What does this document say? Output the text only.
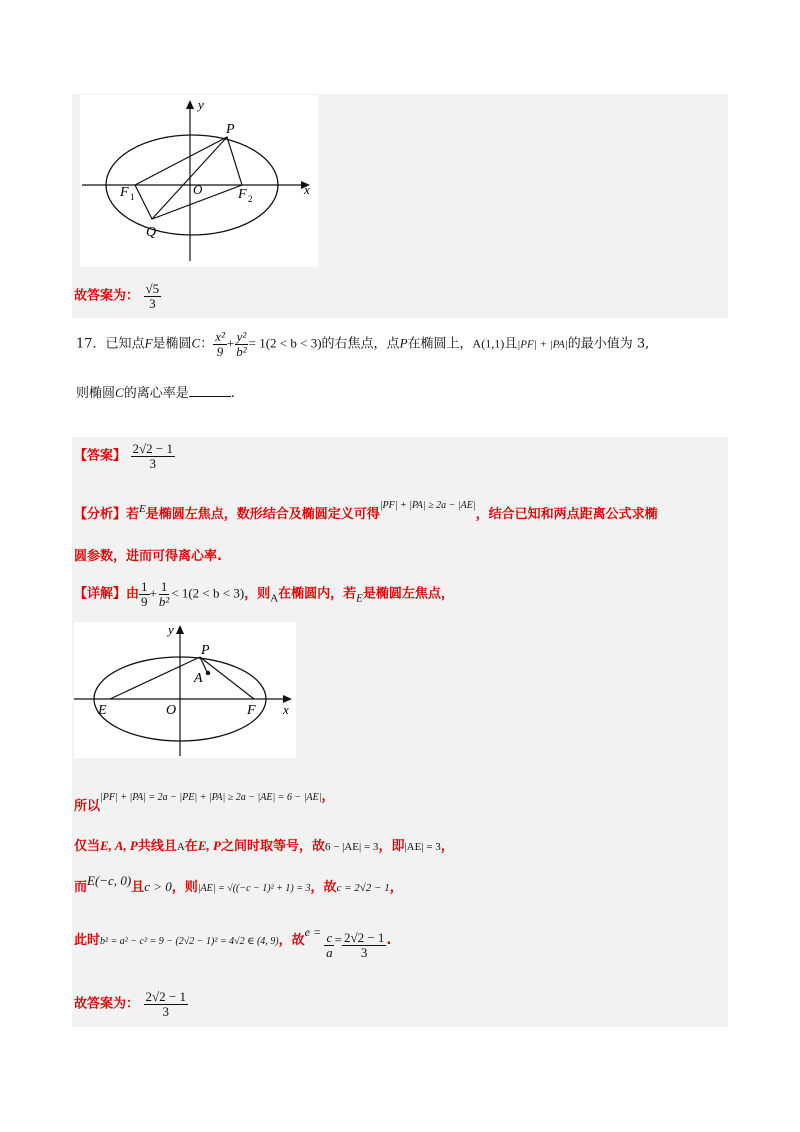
y
x
P
Q
O
F 1	F 2
故答案为： $\frac{√5}{3}$
17．已知点F是椭圆C： $\frac{\text{x²}}{9} + \frac{\text{y²}}{\text{b²}} = 1(2 < b < 3)$的右焦点，点P在椭圆上，A(1,1)且|PF| + |PA|的最小值为 3,
则椭圆C的离心率是	.
【答案】 $\frac{2√2 - 1}{3}$
【分析】若$^E$是椭圆左焦点，数形结合及椭圆定义可得$^{|PF| + |PA| \ge 2a - |AE|}$，结合已知和两点距离公式求椭
圆参数，进而可得离心率.
【详解】由 $\frac{1}{9} + \frac{1}{\text{b²}} < 1(2 < b < 3)$，则$_A$在椭圆内，若$_E$是椭圆左焦点，
y
x
P
A
E	O	F
所以|PF| + |PA| = 2a − |PE| + |PA| ≥ 2a − |AE| = 6 − |AE|，
仅当E, A, P共线且A在E, P之间时取等号，故6 − |AE| = 3，即|AE| = 3，
而E(−c, 0)且c > 0，则|AE| = √((−c − 1)² + 1) = 3，故c = 2√2 − 1，
此时b² = a² − c² = 9 − (2√2 − 1)² = 4√2 ∈ (4, 9)，故$e = \frac{c}{a} = \frac{2√2 - 1}{3}$ .
故答案为： $\frac{2√2 - 1}{3}$
